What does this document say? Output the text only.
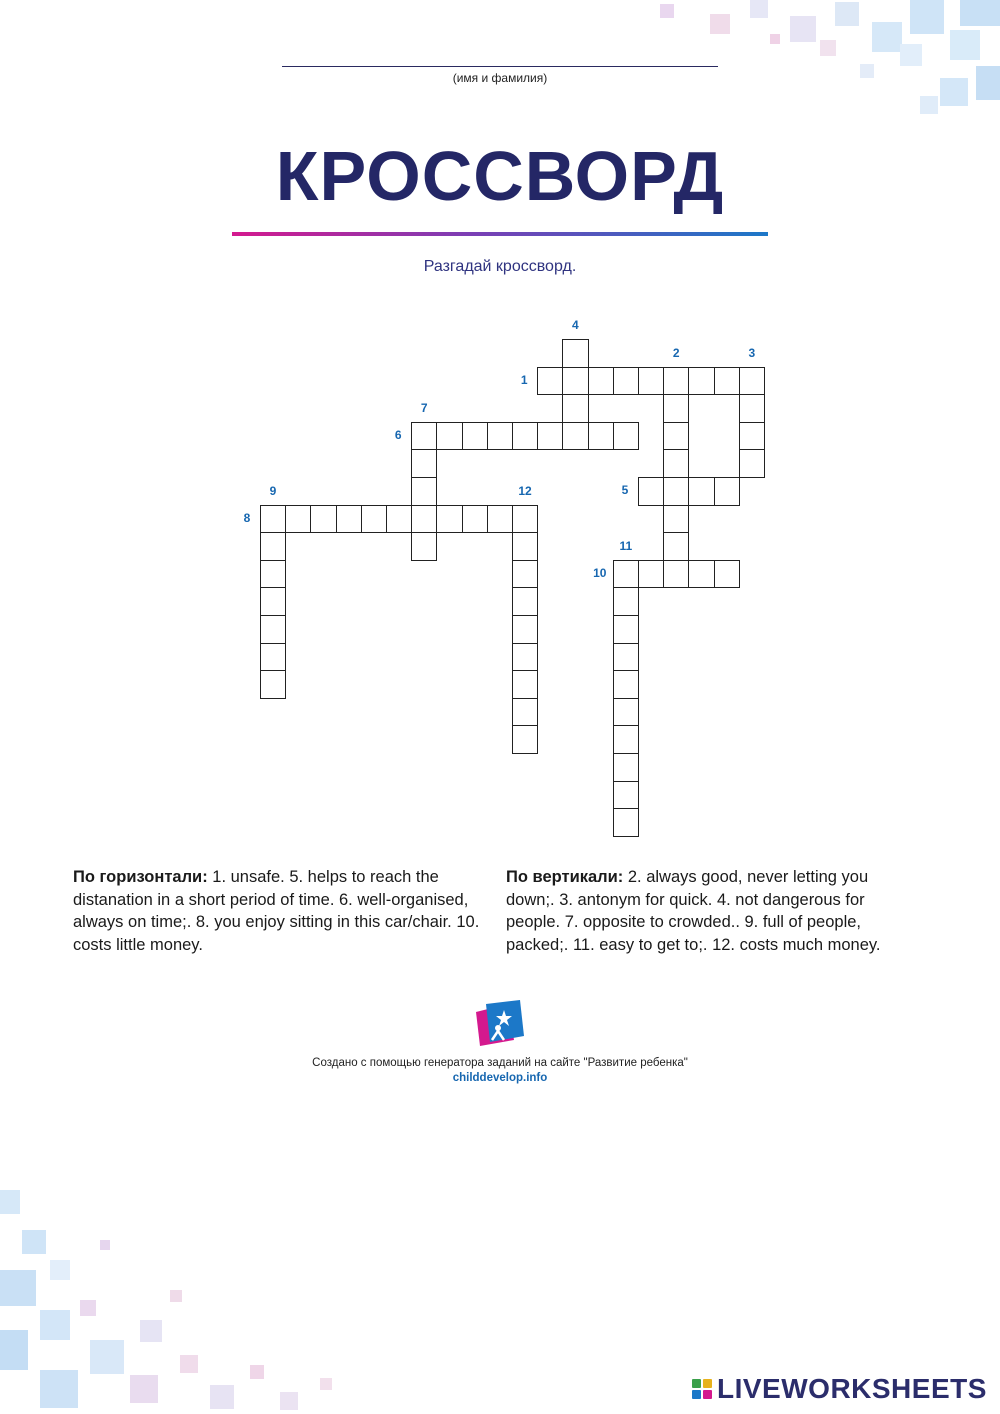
(имя и фамилия)
КРОССВОРД
Разгадай кроссворд.
1
2	3
4
5
6
7
8
9
10
11
12
По горизонтали: 1. unsafe. 5. helps to reach the distanation in a short period of time. 6. well-organised, always on time;. 8. you enjoy sitting in this car/chair. 10. costs little money.
По вертикали: 2. always good, never letting you down;. 3. antonym for quick. 4. not dangerous for people. 7. opposite to crowded.. 9. full of people, packed;. 11. easy to get to;. 12. costs much money.
Создано с помощью генератора заданий на сайте "Развитие ребенка"
childdevelop.info
LIVEWORKSHEETS
